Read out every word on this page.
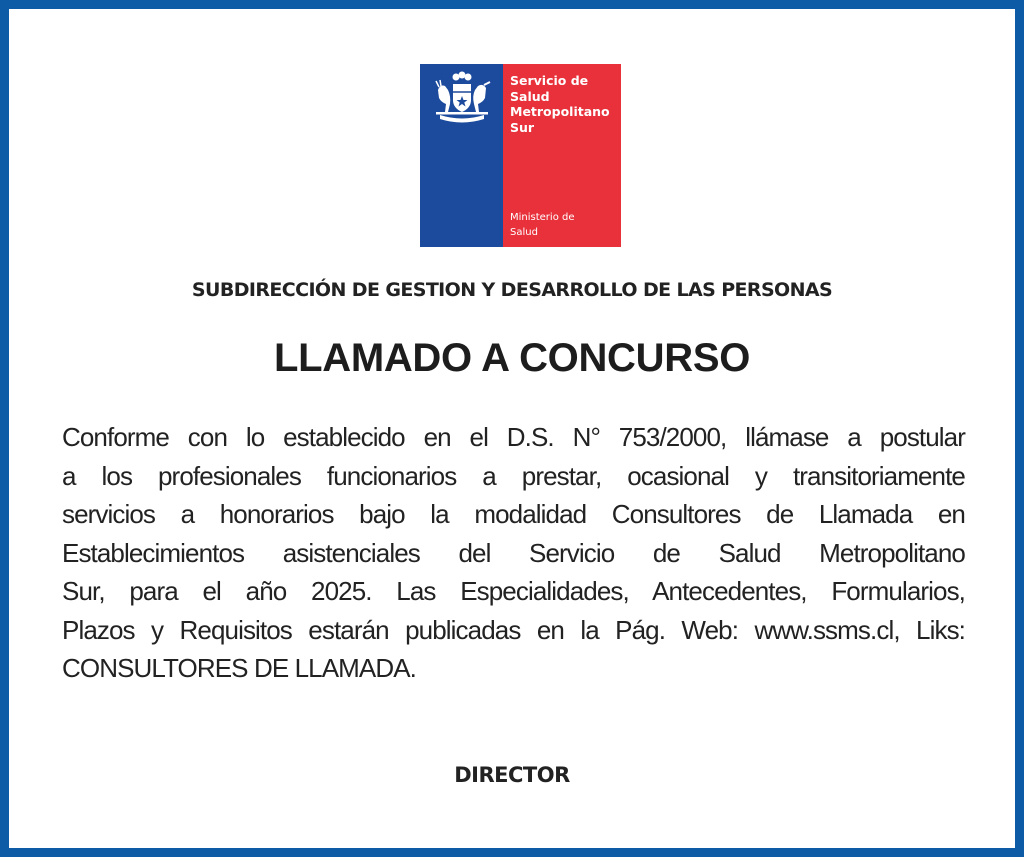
Servicio de
Salud
Metropolitano
Sur
Ministerio de
Salud
SUBDIRECCIÓN DE GESTION Y DESARROLLO DE LAS PERSONAS
LLAMADO A CONCURSO
Conforme con lo establecido en el D.S. N° 753/2000, llámase a postular
a los profesionales funcionarios a prestar, ocasional y transitoriamente
servicios a honorarios bajo la modalidad Consultores de Llamada en
Establecimientos asistenciales del Servicio de Salud Metropolitano
Sur, para el año 2025. Las Especialidades, Antecedentes, Formularios,
Plazos y Requisitos estarán publicadas en la Pág. Web: www.ssms.cl, Liks:
CONSULTORES DE LLAMADA.
DIRECTOR
